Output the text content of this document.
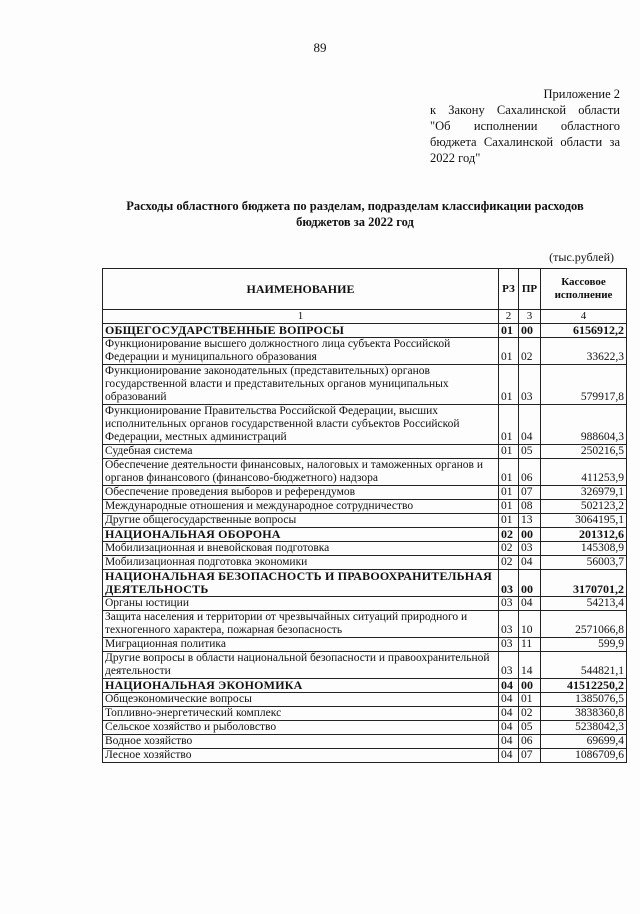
89
Приложение 2
к Закону Сахалинской области
"Об исполнении областного
бюджета Сахалинской области за
2022 год"
Расходы областного бюджета по разделам, подразделам классификации расходов
бюджетов за 2022 год
(тыс.рублей)
НАИМЕНОВАНИЕ	РЗ	ПР	Кассовое
исполнение

1	2	3	4
ОБЩЕГОСУДАРСТВЕННЫЕ ВОПРОСЫ	01	00	6156912,2
Функционирование высшего должностного лица субъекта Российской Федерации и муниципального образования	01	02	33622,3
Функционирование законодательных (представительных) органов государственной власти и представительных органов муниципальных образований	01	03	579917,8
Функционирование Правительства Российской Федерации, высших исполнительных органов государственной власти субъектов Российской Федерации, местных администраций	01	04	988604,3
Судебная система	01	05	250216,5
Обеспечение деятельности финансовых, налоговых и таможенных органов и органов финансового (финансово-бюджетного) надзора	01	06	411253,9
Обеспечение проведения выборов и референдумов	01	07	326979,1
Международные отношения и международное сотрудничество	01	08	502123,2
Другие общегосударственные вопросы	01	13	3064195,1
НАЦИОНАЛЬНАЯ ОБОРОНА	02	00	201312,6
Мобилизационная и вневойсковая подготовка	02	03	145308,9
Мобилизационная подготовка экономики	02	04	56003,7
НАЦИОНАЛЬНАЯ БЕЗОПАСНОСТЬ И ПРАВООХРАНИТЕЛЬНАЯ ДЕЯТЕЛЬНОСТЬ	03	00	3170701,2
Органы юстиции	03	04	54213,4
Защита населения и территории от чрезвычайных ситуаций природного и техногенного характера, пожарная безопасность	03	10	2571066,8
Миграционная политика	03	11	599,9
Другие вопросы в области национальной безопасности и правоохранительной деятельности	03	14	544821,1
НАЦИОНАЛЬНАЯ ЭКОНОМИКА	04	00	41512250,2
Общеэкономические вопросы	04	01	1385076,5
Топливно-энергетический комплекс	04	02	3838360,8
Сельское хозяйство и рыболовство	04	05	5238042,3
Водное хозяйство	04	06	69699,4
Лесное хозяйство	04	07	1086709,6
